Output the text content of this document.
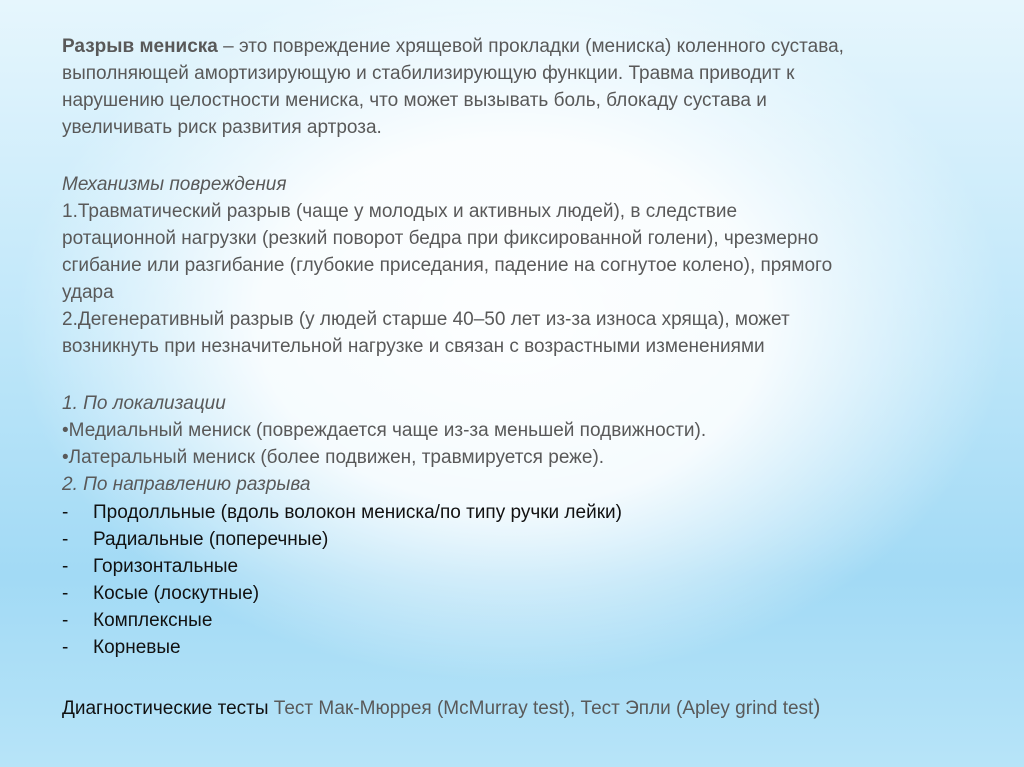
Разрыв мениска – это повреждение хрящевой прокладки (мениска) коленного сустава,

выполняющей амортизирующую и стабилизирующую функции. Травма приводит к
нарушению целостности мениска, что может вызывать боль, блокаду сустава и
увеличивать риск развития артроза.

Механизмы повреждения
1.Травматический разрыв (чаще у молодых и активных людей), в следствие
ротационной нагрузки (резкий поворот бедра при фиксированной голени), чрезмерно
сгибание или разгибание (глубокие приседания, падение на согнутое колено), прямого
удара
2.Дегенеративный разрыв (у людей старше 40–50 лет из-за износа хряща), может
возникнуть при незначительной нагрузке и связан с возрастными изменениями

1. По локализации
•Медиальный мениск (повреждается чаще из-за меньшей подвижности).
•Латеральный мениск (более подвижен, травмируется реже).
2. По направлению разрыва

- Продолльные (вдоль волокон мениска/по типу ручки лейки)
- Радиальные (поперечные)
- Горизонтальные
- Косые (лоскутные)
- Комплексные
- Корневые

Диагностические тесты Тест Мак-Мюррея (McMurray test), Тест Эпли (Apley grind test)
